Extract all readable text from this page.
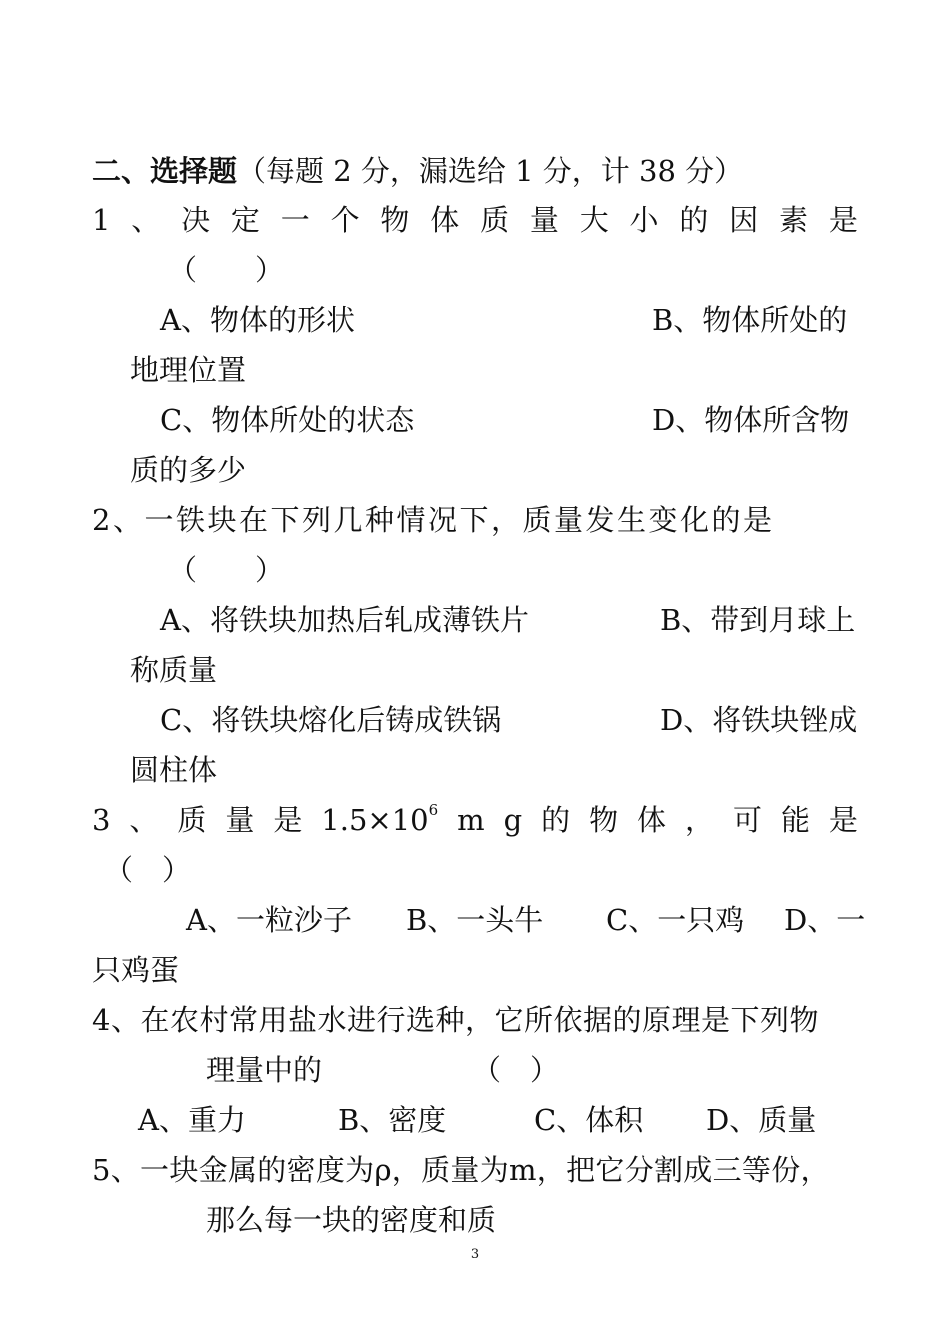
二、选择题（每题 2 分，漏选给 1 分，计 38 分）
1 、 决 定 一 个 物 体 质 量 大 小 的 因 素 是
（　　）
A、物体的形状	B、物体所处的
地理位置
C、物体所处的状态	D、物体所含物
质的多少
2、一铁块在下列几种情况下，质量发生变化的是
（　　）
A、将铁块加热后轧成薄铁片	B、带到月球上
称质量
C、将铁块熔化后铸成铁锅	D、将铁块锉成
圆柱体
3 、 质 量 是 $1.5\times 10^6$ m g 的 物 体 ， 可 能 是
（　）
A、一粒沙子 B、一头牛 C、一只鸡 D、一
只鸡蛋
4、在农村常用盐水进行选种，它所依据的原理是下列物
理量中的	（　）
A、重力	B、密度	C、体积 D、质量
5、一块金属的密度为ρ，质量为m，把它分割成三等份，
那么每一块的密度和质
3
